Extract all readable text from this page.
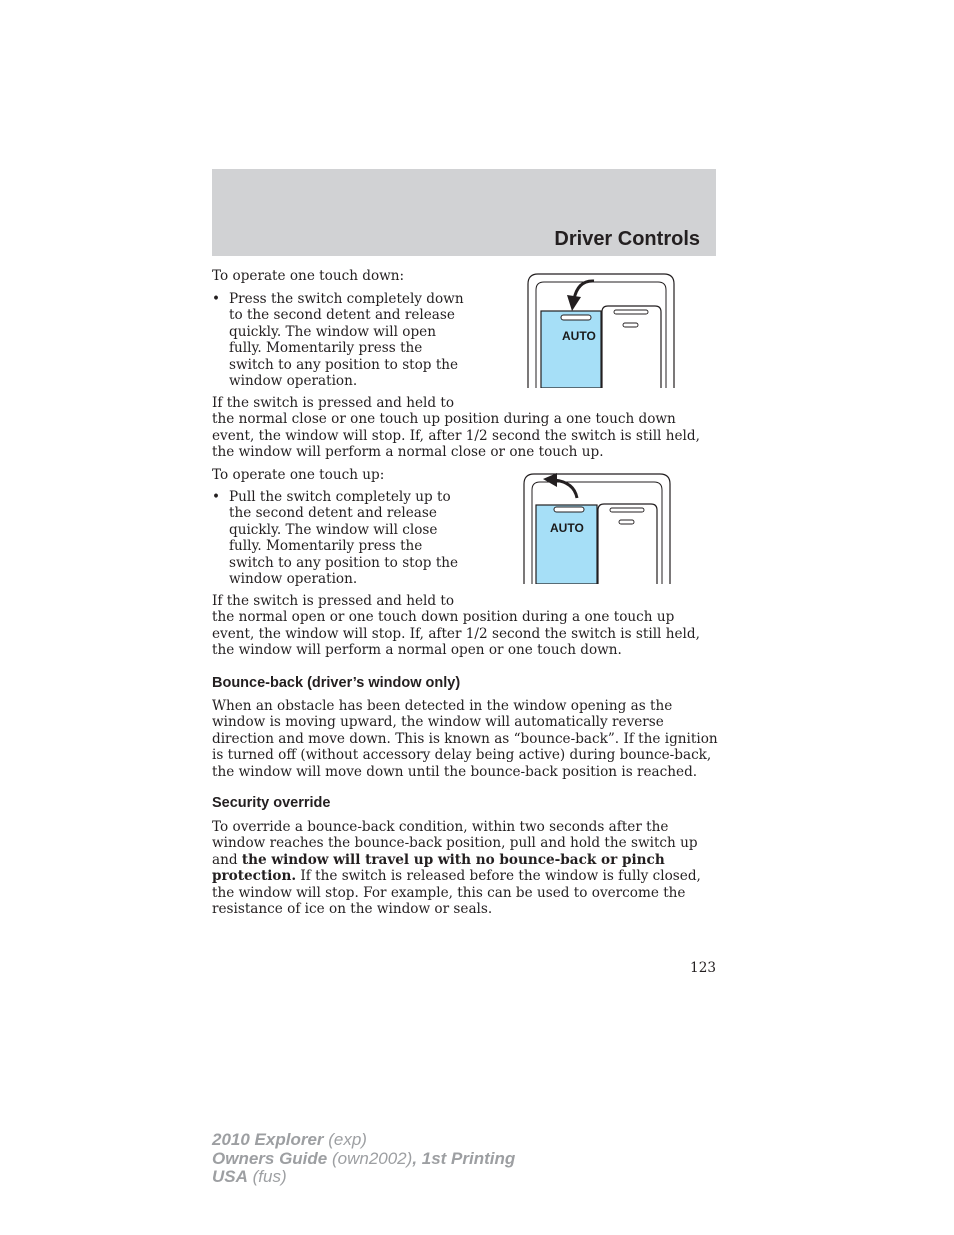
Driver Controls
To operate one touch down:
• Press the switch completely down
to the second detent and release
quickly. The window will open
fully. Momentarily press the
switch to any position to stop the
window operation.
If the switch is pressed and held to
the normal close or one touch up position during a one touch down
event, the window will stop. If, after 1/2 second the switch is still held,
the window will perform a normal close or one touch up.
AUTO
To operate one touch up:
• Pull the switch completely up to
the second detent and release
quickly. The window will close
fully. Momentarily press the
switch to any position to stop the
window operation.
If the switch is pressed and held to
the normal open or one touch down position during a one touch up
event, the window will stop. If, after 1/2 second the switch is still held,
the window will perform a normal open or one touch down.
AUTO
Bounce-back (driver’s window only)
When an obstacle has been detected in the window opening as the
window is moving upward, the window will automatically reverse
direction and move down. This is known as “bounce-back”. If the ignition
is turned off (without accessory delay being active) during bounce-back,
the window will move down until the bounce-back position is reached.
Security override
To override a bounce-back condition, within two seconds after the
window reaches the bounce-back position, pull and hold the switch up
and the window will travel up with no bounce-back or pinch
protection. If the switch is released before the window is fully closed,
the window will stop. For example, this can be used to overcome the
resistance of ice on the window or seals.
123
2010 Explorer (exp)
Owners Guide (own2002), 1st Printing
USA (fus)
